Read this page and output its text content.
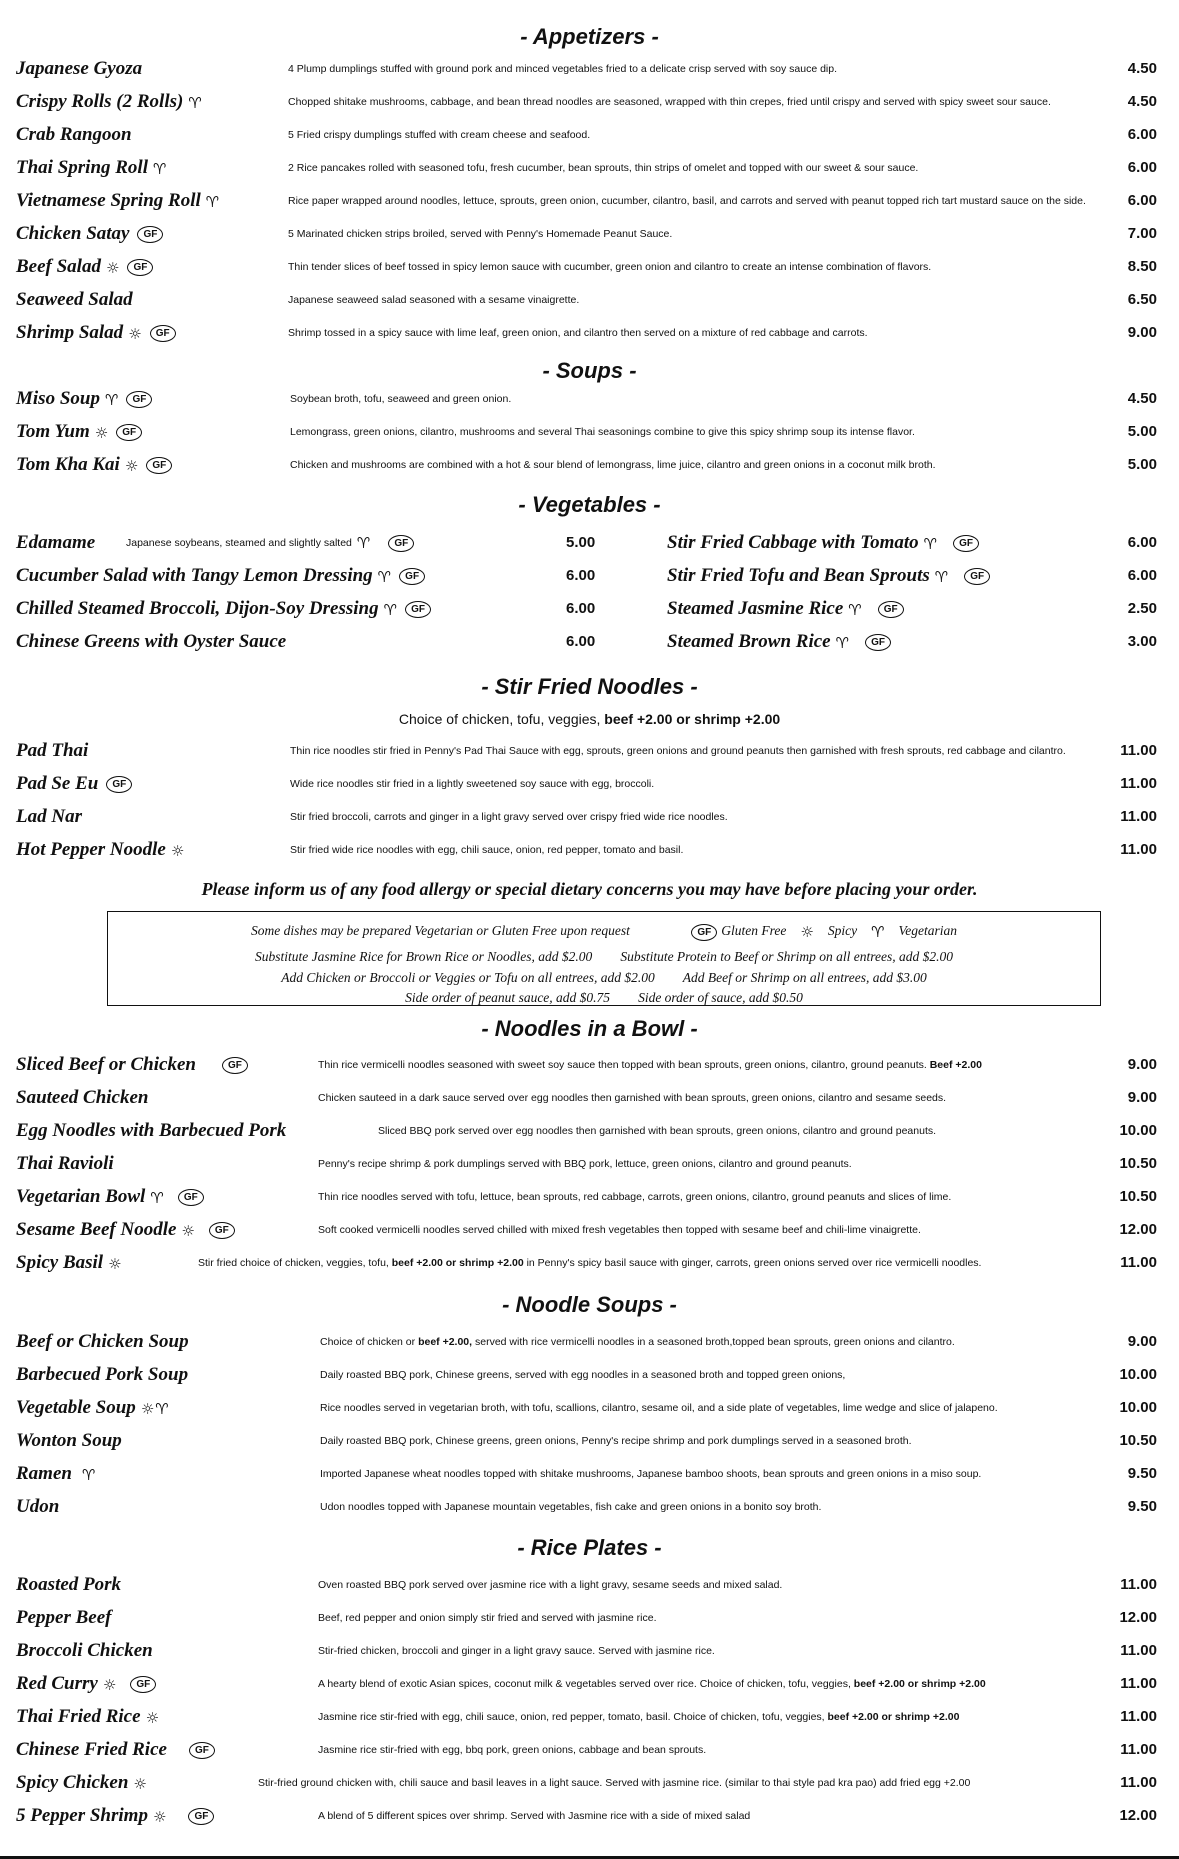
- Appetizers -
Japanese Gyoza	4 Plump dumplings stuffed with ground pork and minced vegetables fried to a delicate crisp served with soy sauce dip.	4.50
Crispy Rolls (2 Rolls) ♈	Chopped shitake mushrooms, cabbage, and bean thread noodles are seasoned, wrapped with thin crepes, fried until crispy and served with spicy sweet sour sauce.	4.50
Crab Rangoon	5 Fried crispy dumplings stuffed with cream cheese and seafood.	6.00
Thai Spring Roll ♈	2 Rice pancakes rolled with seasoned tofu, fresh cucumber, bean sprouts, thin strips of omelet and topped with our sweet & sour sauce.	6.00
Vietnamese Spring Roll ♈	Rice paper wrapped around noodles, lettuce, sprouts, green onion, cucumber, cilantro, basil, and carrots and served with peanut topped rich tart mustard sauce on the side.	6.00
Chicken Satay GF	5 Marinated chicken strips broiled, served with Penny's Homemade Peanut Sauce.	7.00
Beef Salad ☼ GF	Thin tender slices of beef tossed in spicy lemon sauce with cucumber, green onion and cilantro to create an intense combination of flavors.	8.50
Seaweed Salad	Japanese seaweed salad seasoned with a sesame vinaigrette.	6.50
Shrimp Salad ☼ GF	Shrimp tossed in a spicy sauce with lime leaf, green onion, and cilantro then served on a mixture of red cabbage and carrots.	9.00
- Soups -
Miso Soup ♈ GF	Soybean broth, tofu, seaweed and green onion.	4.50
Tom Yum ☼ GF	Lemongrass, green onions, cilantro, mushrooms and several Thai seasonings combine to give this spicy shrimp soup its intense flavor.	5.00
Tom Kha Kai ☼ GF	Chicken and mushrooms are combined with a hot & sour blend of lemongrass, lime juice, cilantro and green onions in a coconut milk broth.	5.00
- Vegetables -
Edamame	Japanese soybeans, steamed and slightly salted ♈ GF	5.00
Cucumber Salad with Tangy Lemon Dressing ♈ GF	6.00
Chilled Steamed Broccoli, Dijon-Soy Dressing ♈ GF	6.00
Chinese Greens with Oyster Sauce	6.00
Stir Fried Cabbage with Tomato ♈ GF	6.00
Stir Fried Tofu and Bean Sprouts ♈ GF	6.00
Steamed Jasmine Rice ♈ GF	2.50
Steamed Brown Rice ♈ GF	3.00
- Stir Fried Noodles -
Choice of chicken, tofu, veggies, beef +2.00 or shrimp +2.00
Pad Thai	Thin rice noodles stir fried in Penny's Pad Thai Sauce with egg, sprouts, green onions and ground peanuts then garnished with fresh sprouts, red cabbage and cilantro.	11.00
Pad Se Eu GF	Wide rice noodles stir fried in a lightly sweetened soy sauce with egg, broccoli.	11.00
Lad Nar	Stir fried broccoli, carrots and ginger in a light gravy served over crispy fried wide rice noodles.	11.00
Hot Pepper Noodle ☼	Stir fried wide rice noodles with egg, chili sauce, onion, red pepper, tomato and basil.	11.00
Please inform us of any food allergy or special dietary concerns you may have before placing your order.
Some dishes may be prepared Vegetarian or Gluten Free upon request	GF Gluten Free ☼ Spicy ♈ Vegetarian
Substitute Jasmine Rice for Brown Rice or Noodles, add $2.00 Substitute Protein to Beef or Shrimp on all entrees, add $2.00
Add Chicken or Broccoli or Veggies or Tofu on all entrees, add $2.00 Add Beef or Shrimp on all entrees, add $3.00
Side order of peanut sauce, add $0.75 Side order of sauce, add $0.50
- Noodles in a Bowl -
Sliced Beef or Chicken	GF	Thin rice vermicelli noodles seasoned with sweet soy sauce then topped with bean sprouts, green onions, cilantro, ground peanuts. Beef +2.00	9.00
Sauteed Chicken	Chicken sauteed in a dark sauce served over egg noodles then garnished with bean sprouts, green onions, cilantro and sesame seeds.	9.00
Egg Noodles with Barbecued Pork	Sliced BBQ pork served over egg noodles then garnished with bean sprouts, green onions, cilantro and ground peanuts.	10.00
Thai Ravioli	Penny's recipe shrimp & pork dumplings served with BBQ pork, lettuce, green onions, cilantro and ground peanuts.	10.50
Vegetarian Bowl ♈ GF	Thin rice noodles served with tofu, lettuce, bean sprouts, red cabbage, carrots, green onions, cilantro, ground peanuts and slices of lime.	10.50
Sesame Beef Noodle ☼ GF	Soft cooked vermicelli noodles served chilled with mixed fresh vegetables then topped with sesame beef and chili-lime vinaigrette.	12.00
Spicy Basil ☼	Stir fried choice of chicken, veggies, tofu, beef +2.00 or shrimp +2.00 in Penny's spicy basil sauce with ginger, carrots, green onions served over rice vermicelli noodles.	11.00
- Noodle Soups -
Beef or Chicken Soup	Choice of chicken or beef +2.00, served with rice vermicelli noodles in a seasoned broth,topped bean sprouts, green onions and cilantro.	9.00
Barbecued Pork Soup	Daily roasted BBQ pork, Chinese greens, served with egg noodles in a seasoned broth and topped green onions,	10.00
Vegetable Soup ☼♈	Rice noodles served in vegetarian broth, with tofu, scallions, cilantro, sesame oil, and a side plate of vegetables, lime wedge and slice of jalapeno.	10.00
Wonton Soup	Daily roasted BBQ pork, Chinese greens, green onions, Penny's recipe shrimp and pork dumplings served in a seasoned broth.	10.50
Ramen ♈	Imported Japanese wheat noodles topped with shitake mushrooms, Japanese bamboo shoots, bean sprouts and green onions in a miso soup.	9.50
Udon	Udon noodles topped with Japanese mountain vegetables, fish cake and green onions in a bonito soy broth.	9.50
- Rice Plates -
Roasted Pork	Oven roasted BBQ pork served over jasmine rice with a light gravy, sesame seeds and mixed salad.	11.00
Pepper Beef	Beef, red pepper and onion simply stir fried and served with jasmine rice.	12.00
Broccoli Chicken	Stir-fried chicken, broccoli and ginger in a light gravy sauce. Served with jasmine rice.	11.00
Red Curry ☼ GF	A hearty blend of exotic Asian spices, coconut milk & vegetables served over rice. Choice of chicken, tofu, veggies, beef +2.00 or shrimp +2.00	11.00
Thai Fried Rice ☼	Jasmine rice stir-fried with egg, chili sauce, onion, red pepper, tomato, basil. Choice of chicken, tofu, veggies, beef +2.00 or shrimp +2.00	11.00
Chinese Fried Rice	GF	Jasmine rice stir-fried with egg, bbq pork, green onions, cabbage and bean sprouts.	11.00
Spicy Chicken ☼	Stir-fried ground chicken with, chili sauce and basil leaves in a light sauce. Served with jasmine rice. (similar to thai style pad kra pao) add fried egg +2.00	11.00
5 Pepper Shrimp ☼	GF	A blend of 5 different spices over shrimp. Served with Jasmine rice with a side of mixed salad	12.00
